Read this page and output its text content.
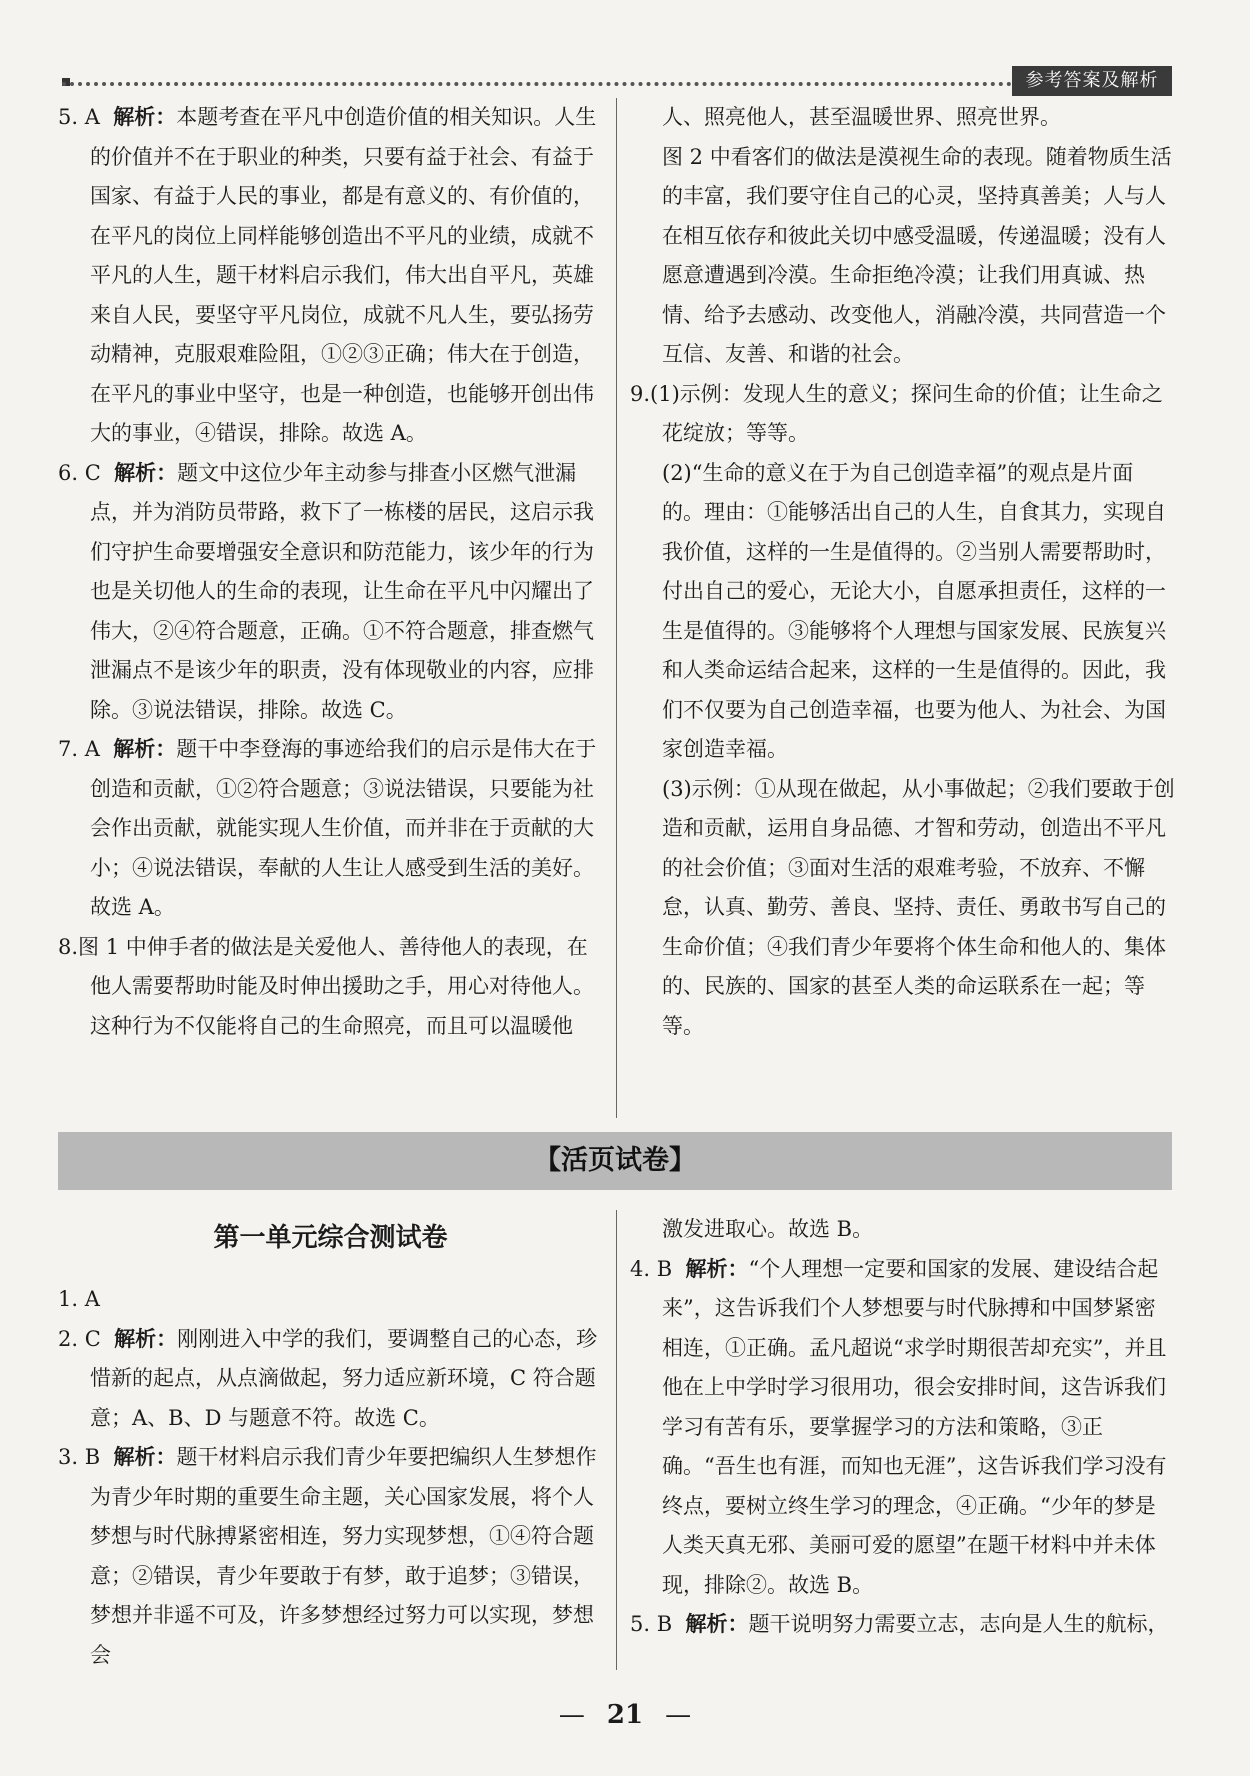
参考答案及解析

5. A 解析：本题考查在平凡中创造价值的相关知识。人生的价值并不在于职业的种类，只要有益于社会、有益于国家、有益于人民的事业，都是有意义的、有价值的，在平凡的岗位上同样能够创造出不平凡的业绩，成就不平凡的人生，题干材料启示我们，伟大出自平凡，英雄来自人民，要坚守平凡岗位，成就不凡人生，要弘扬劳动精神，克服艰难险阻，①②③正确；伟大在于创造，在平凡的事业中坚守，也是一种创造，也能够开创出伟大的事业，④错误，排除。故选 A。

6. C 解析：题文中这位少年主动参与排查小区燃气泄漏点，并为消防员带路，救下了一栋楼的居民，这启示我们守护生命要增强安全意识和防范能力，该少年的行为也是关切他人的生命的表现，让生命在平凡中闪耀出了伟大，②④符合题意，正确。①不符合题意，排查燃气泄漏点不是该少年的职责，没有体现敬业的内容，应排除。③说法错误，排除。故选 C。

7. A 解析：题干中李登海的事迹给我们的启示是伟大在于创造和贡献，①②符合题意；③说法错误，只要能为社会作出贡献，就能实现人生价值，而并非在于贡献的大小；④说法错误，奉献的人生让人感受到生活的美好。故选 A。

8.图 1 中伸手者的做法是关爱他人、善待他人的表现，在他人需要帮助时能及时伸出援助之手，用心对待他人。这种行为不仅能将自己的生命照亮，而且可以温暖他

人、照亮他人，甚至温暖世界、照亮世界。

图 2 中看客们的做法是漠视生命的表现。随着物质生活的丰富，我们要守住自己的心灵，坚持真善美；人与人在相互依存和彼此关切中感受温暖，传递温暖；没有人愿意遭遇到冷漠。生命拒绝冷漠；让我们用真诚、热情、给予去感动、改变他人，消融冷漠，共同营造一个互信、友善、和谐的社会。

9.(1)示例：发现人生的意义；探问生命的价值；让生命之花绽放；等等。

(2)“生命的意义在于为自己创造幸福”的观点是片面的。理由：①能够活出自己的人生，自食其力，实现自我价值，这样的一生是值得的。②当别人需要帮助时，付出自己的爱心，无论大小，自愿承担责任，这样的一生是值得的。③能够将个人理想与国家发展、民族复兴和人类命运结合起来，这样的一生是值得的。因此，我们不仅要为自己创造幸福，也要为他人、为社会、为国家创造幸福。

(3)示例：①从现在做起，从小事做起；②我们要敢于创造和贡献，运用自身品德、才智和劳动，创造出不平凡的社会价值；③面对生活的艰难考验，不放弃、不懈怠，认真、勤劳、善良、坚持、责任、勇敢书写自己的生命价值；④我们青少年要将个体生命和他人的、集体的、民族的、国家的甚至人类的命运联系在一起；等等。

【活页试卷】

第一单元综合测试卷

1. A

2. C 解析：刚刚进入中学的我们，要调整自己的心态，珍惜新的起点，从点滴做起，努力适应新环境，C 符合题意；A、B、D 与题意不符。故选 C。

3. B 解析：题干材料启示我们青少年要把编织人生梦想作为青少年时期的重要生命主题，关心国家发展，将个人梦想与时代脉搏紧密相连，努力实现梦想，①④符合题意；②错误，青少年要敢于有梦，敢于追梦；③错误，梦想并非遥不可及，许多梦想经过努力可以实现，梦想会

激发进取心。故选 B。

4. B 解析：“个人理想一定要和国家的发展、建设结合起来”，这告诉我们个人梦想要与时代脉搏和中国梦紧密相连，①正确。孟凡超说“求学时期很苦却充实”，并且他在上中学时学习很用功，很会安排时间，这告诉我们学习有苦有乐，要掌握学习的方法和策略，③正确。“吾生也有涯，而知也无涯”，这告诉我们学习没有终点，要树立终生学习的理念，④正确。“少年的梦是人类天真无邪、美丽可爱的愿望”在题干材料中并未体现，排除②。故选 B。

5. B 解析：题干说明努力需要立志，志向是人生的航标，

— 21 —
